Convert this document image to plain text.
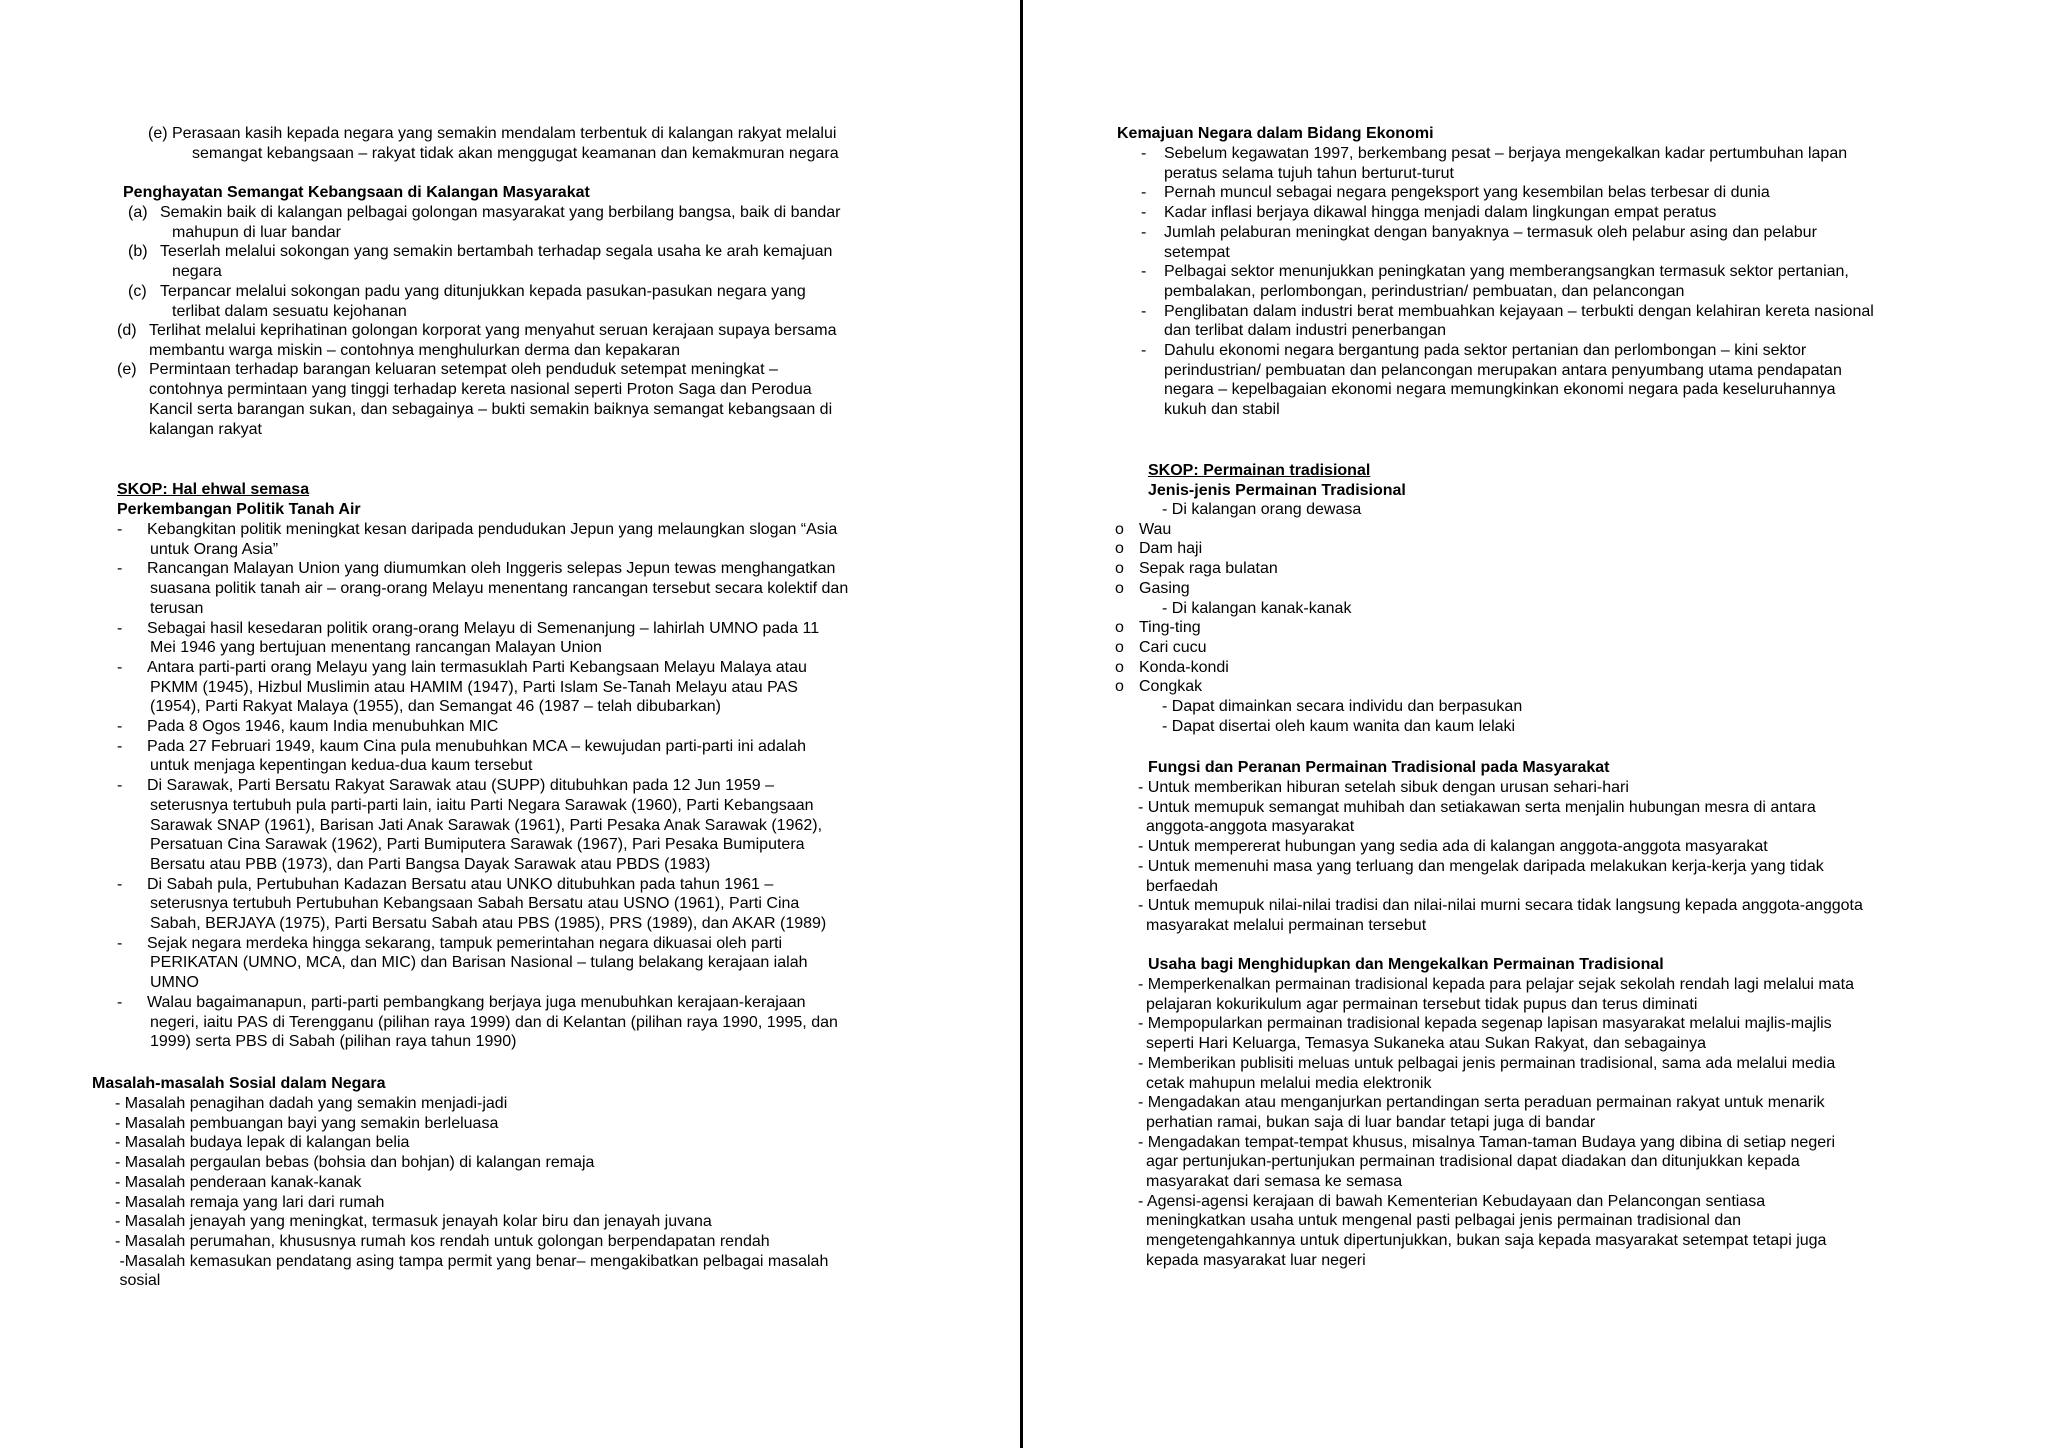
(e) Perasaan kasih kepada negara yang semakin mendalam terbentuk di kalangan rakyat melalui
semangat kebangsaan – rakyat tidak akan menggugat keamanan dan kemakmuran negara
Penghayatan Semangat Kebangsaan di Kalangan Masyarakat
(a) Semakin baik di kalangan pelbagai golongan masyarakat yang berbilang bangsa, baik di bandar
mahupun di luar bandar
(b) Teserlah melalui sokongan yang semakin bertambah terhadap segala usaha ke arah kemajuan
negara
(c) Terpancar melalui sokongan padu yang ditunjukkan kepada pasukan-pasukan negara yang
terlibat dalam sesuatu kejohanan
(d) Terlihat melalui keprihatinan golongan korporat yang menyahut seruan kerajaan supaya bersama
membantu warga miskin – contohnya menghulurkan derma dan kepakaran
(e) Permintaan terhadap barangan keluaran setempat oleh penduduk setempat meningkat –
contohnya permintaan yang tinggi terhadap kereta nasional seperti Proton Saga dan Perodua
Kancil serta barangan sukan, dan sebagainya – bukti semakin baiknya semangat kebangsaan di
kalangan rakyat
SKOP: Hal ehwal semasa
Perkembangan Politik Tanah Air
- Kebangkitan politik meningkat kesan daripada pendudukan Jepun yang melaungkan slogan “Asia
untuk Orang Asia”
- Rancangan Malayan Union yang diumumkan oleh Inggeris selepas Jepun tewas menghangatkan
suasana politik tanah air – orang-orang Melayu menentang rancangan tersebut secara kolektif dan
terusan
- Sebagai hasil kesedaran politik orang-orang Melayu di Semenanjung – lahirlah UMNO pada 11
Mei 1946 yang bertujuan menentang rancangan Malayan Union
- Antara parti-parti orang Melayu yang lain termasuklah Parti Kebangsaan Melayu Malaya atau
PKMM (1945), Hizbul Muslimin atau HAMIM (1947), Parti Islam Se-Tanah Melayu atau PAS
(1954), Parti Rakyat Malaya (1955), dan Semangat 46 (1987 – telah dibubarkan)
- Pada 8 Ogos 1946, kaum India menubuhkan MIC
- Pada 27 Februari 1949, kaum Cina pula menubuhkan MCA – kewujudan parti-parti ini adalah
untuk menjaga kepentingan kedua-dua kaum tersebut
- Di Sarawak, Parti Bersatu Rakyat Sarawak atau (SUPP) ditubuhkan pada 12 Jun 1959 –
seterusnya tertubuh pula parti-parti lain, iaitu Parti Negara Sarawak (1960), Parti Kebangsaan
Sarawak SNAP (1961), Barisan Jati Anak Sarawak (1961), Parti Pesaka Anak Sarawak (1962),
Persatuan Cina Sarawak (1962), Parti Bumiputera Sarawak (1967), Pari Pesaka Bumiputera
Bersatu atau PBB (1973), dan Parti Bangsa Dayak Sarawak atau PBDS (1983)
- Di Sabah pula, Pertubuhan Kadazan Bersatu atau UNKO ditubuhkan pada tahun 1961 –
seterusnya tertubuh Pertubuhan Kebangsaan Sabah Bersatu atau USNO (1961), Parti Cina
Sabah, BERJAYA (1975), Parti Bersatu Sabah atau PBS (1985), PRS (1989), dan AKAR (1989)
- Sejak negara merdeka hingga sekarang, tampuk pemerintahan negara dikuasai oleh parti
PERIKATAN (UMNO, MCA, dan MIC) dan Barisan Nasional – tulang belakang kerajaan ialah
UMNO
- Walau bagaimanapun, parti-parti pembangkang berjaya juga menubuhkan kerajaan-kerajaan
negeri, iaitu PAS di Terengganu (pilihan raya 1999) dan di Kelantan (pilihan raya 1990, 1995, dan
1999) serta PBS di Sabah (pilihan raya tahun 1990)
Masalah-masalah Sosial dalam Negara
- Masalah penagihan dadah yang semakin menjadi-jadi
- Masalah pembuangan bayi yang semakin berleluasa
- Masalah budaya lepak di kalangan belia
- Masalah pergaulan bebas (bohsia dan bohjan) di kalangan remaja
- Masalah penderaan kanak-kanak
- Masalah remaja yang lari dari rumah
- Masalah jenayah yang meningkat, termasuk jenayah kolar biru dan jenayah juvana
- Masalah perumahan, khususnya rumah kos rendah untuk golongan berpendapatan rendah
-Masalah kemasukan pendatang asing tampa permit yang benar– mengakibatkan pelbagai masalah
sosial
Kemajuan Negara dalam Bidang Ekonomi
- Sebelum kegawatan 1997, berkembang pesat – berjaya mengekalkan kadar pertumbuhan lapan
peratus selama tujuh tahun berturut-turut
- Pernah muncul sebagai negara pengeksport yang kesembilan belas terbesar di dunia
- Kadar inflasi berjaya dikawal hingga menjadi dalam lingkungan empat peratus
- Jumlah pelaburan meningkat dengan banyaknya – termasuk oleh pelabur asing dan pelabur
setempat
- Pelbagai sektor menunjukkan peningkatan yang memberangsangkan termasuk sektor pertanian,
pembalakan, perlombongan, perindustrian/ pembuatan, dan pelancongan
- Penglibatan dalam industri berat membuahkan kejayaan – terbukti dengan kelahiran kereta nasional
dan terlibat dalam industri penerbangan
- Dahulu ekonomi negara bergantung pada sektor pertanian dan perlombongan – kini sektor
perindustrian/ pembuatan dan pelancongan merupakan antara penyumbang utama pendapatan
negara – kepelbagaian ekonomi negara memungkinkan ekonomi negara pada keseluruhannya
kukuh dan stabil
SKOP: Permainan tradisional
Jenis-jenis Permainan Tradisional
- Di kalangan orang dewasa
o Wau
o Dam haji
o Sepak raga bulatan
o Gasing
- Di kalangan kanak-kanak
o Ting-ting
o Cari cucu
o Konda-kondi
o Congkak
- Dapat dimainkan secara individu dan berpasukan
- Dapat disertai oleh kaum wanita dan kaum lelaki
Fungsi dan Peranan Permainan Tradisional pada Masyarakat
- Untuk memberikan hiburan setelah sibuk dengan urusan sehari-hari
- Untuk memupuk semangat muhibah dan setiakawan serta menjalin hubungan mesra di antara
anggota-anggota masyarakat
- Untuk mempererat hubungan yang sedia ada di kalangan anggota-anggota masyarakat
- Untuk memenuhi masa yang terluang dan mengelak daripada melakukan kerja-kerja yang tidak
berfaedah
- Untuk memupuk nilai-nilai tradisi dan nilai-nilai murni secara tidak langsung kepada anggota-anggota
masyarakat melalui permainan tersebut
Usaha bagi Menghidupkan dan Mengekalkan Permainan Tradisional
- Memperkenalkan permainan tradisional kepada para pelajar sejak sekolah rendah lagi melalui mata
pelajaran kokurikulum agar permainan tersebut tidak pupus dan terus diminati
- Mempopularkan permainan tradisional kepada segenap lapisan masyarakat melalui majlis-majlis
seperti Hari Keluarga, Temasya Sukaneka atau Sukan Rakyat, dan sebagainya
- Memberikan publisiti meluas untuk pelbagai jenis permainan tradisional, sama ada melalui media
cetak mahupun melalui media elektronik
- Mengadakan atau menganjurkan pertandingan serta peraduan permainan rakyat untuk menarik
perhatian ramai, bukan saja di luar bandar tetapi juga di bandar
- Mengadakan tempat-tempat khusus, misalnya Taman-taman Budaya yang dibina di setiap negeri
agar pertunjukan-pertunjukan permainan tradisional dapat diadakan dan ditunjukkan kepada
masyarakat dari semasa ke semasa
- Agensi-agensi kerajaan di bawah Kementerian Kebudayaan dan Pelancongan sentiasa
meningkatkan usaha untuk mengenal pasti pelbagai jenis permainan tradisional dan
mengetengahkannya untuk dipertunjukkan, bukan saja kepada masyarakat setempat tetapi juga
kepada masyarakat luar negeri
